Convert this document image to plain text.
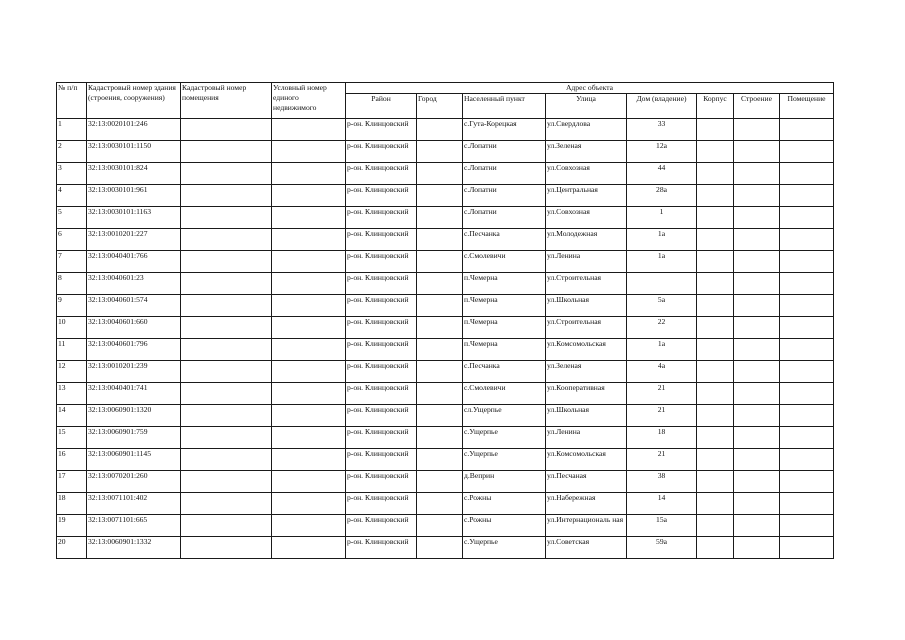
№ п/п	Кадастровый номер здания (строения, сооружения)	Кадастровый номер помещения	Условный номер единого недвижимого	Адрес объекта							
				Район	Город	Населенный пункт	Улица	Дом (владение)	Корпус	Строение	Помещение
1	32:13:0020101:246			р-он. Клинцовский		с.Гута-Корецкая	ул.Свердлова	33			
2	32:13:0030101:1150			р-он. Клинцовский		с.Лопатни	ул.Зеленая	12а			
3	32:13:0030101:824			р-он. Клинцовский		с.Лопатни	ул.Совхозная	44			
4	32:13:0030101:961			р-он. Клинцовский		с.Лопатни	ул.Центральная	28а			
5	32:13:0030101:1163			р-он. Клинцовский		с.Лопатни	ул.Совхозная	1			
6	32:13:0010201:227			р-он. Клинцовский		с.Песчанка	ул.Молодежная	1а			
7	32:13:0040401:766			р-он. Клинцовский		с.Смолевичи	ул.Ленина	1а			
8	32:13:0040601:23			р-он. Клинцовский		п.Чемерна	ул.Строительная				
9	32:13:0040601:574			р-он. Клинцовский		п.Чемерна	ул.Школьная	5а			
10	32:13:0040601:660			р-он. Клинцовский		п.Чемерна	ул.Строительная	22			
11	32:13:0040601:796			р-он. Клинцовский		п.Чемерна	ул.Комсомольская	1а			
12	32:13:0010201:239			р-он. Клинцовский		с.Песчанка	ул.Зеленая	4а			
13	32:13:0040401:741			р-он. Клинцовский		с.Смолевичи	ул.Кооперативная	21			
14	32:13:0060901:1320			р-он. Клинцовский		сл.Ущерпье	ул.Школьная	21			
15	32:13:0060901:759			р-он. Клинцовский		с.Ущерпье	ул.Ленина	18			
16	32:13:0060901:1145			р-он. Клинцовский		с.Ущерпье	ул.Комсомольская	21			
17	32:13:0070201:260			р-он. Клинцовский		д.Веприн	ул.Песчаная	38			
18	32:13:0071101:402			р-он. Клинцовский		с.Рожны	ул.Набережная	14			
19	32:13:0071101:665			р-он. Клинцовский		с.Рожны	ул.Интернациональ ная	15а			
20	32:13:0060901:1332			р-он. Клинцовский		с.Ущерпье	ул.Советская	59а			
